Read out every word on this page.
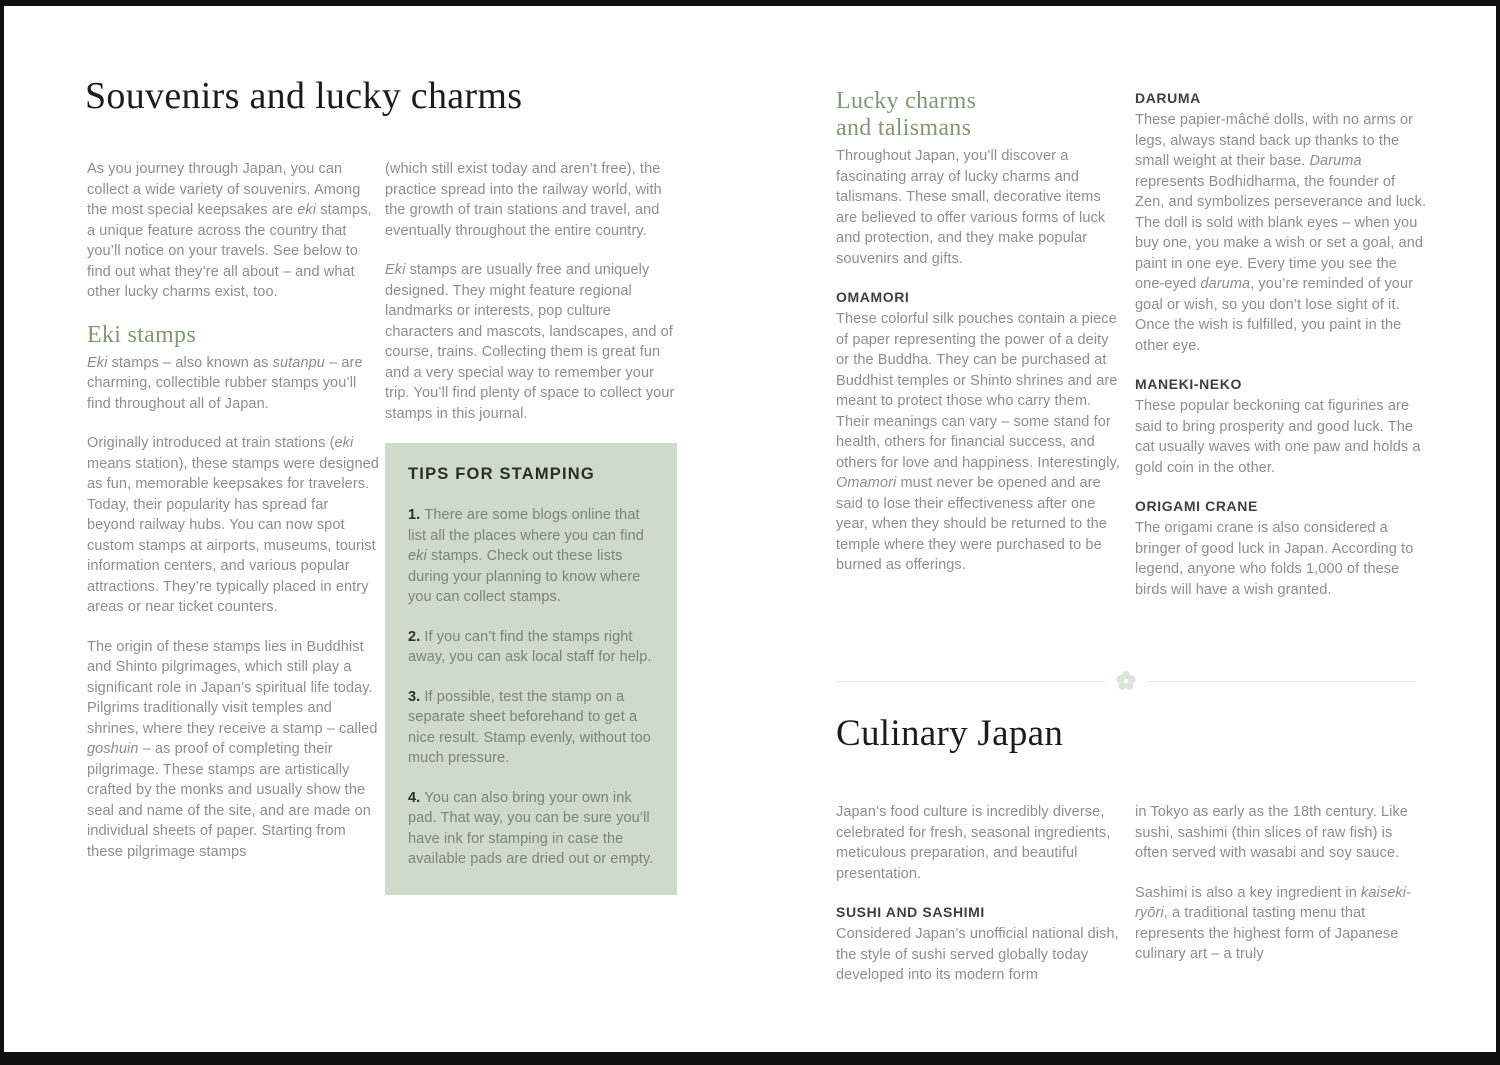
Souvenirs and lucky charms

As you journey through Japan, you can collect a wide variety of souvenirs. Among the most special keepsakes are eki stamps, a unique feature across the country that you’ll notice on your travels. See below to find out what they’re all about – and what other lucky charms exist, too.

Eki stamps

Eki stamps – also known as sutanpu – are charming, collectible rubber stamps you’ll find throughout all of Japan.

Originally introduced at train stations (eki means station), these stamps were designed as fun, memorable keepsakes for travelers. Today, their popularity has spread far beyond railway hubs. You can now spot custom stamps at airports, museums, tourist information centers, and various popular attractions. They’re typically placed in entry areas or near ticket counters.

The origin of these stamps lies in Buddhist and Shinto pilgrimages, which still play a significant role in Japan’s spiritual life today. Pilgrims traditionally visit temples and shrines, where they receive a stamp – called goshuin – as proof of completing their pilgrimage. These stamps are artistically crafted by the monks and usually show the seal and name of the site, and are made on individual sheets of paper. Starting from these pilgrimage stamps

(which still exist today and aren’t free), the practice spread into the railway world, with the growth of train stations and travel, and eventually throughout the entire country.

Eki stamps are usually free and uniquely designed. They might feature regional landmarks or interests, pop culture characters and mascots, landscapes, and of course, trains. Collecting them is great fun and a very special way to remember your trip. You’ll find plenty of space to collect your stamps in this journal.

TIPS FOR STAMPING

1. There are some blogs online that list all the places where you can find eki stamps. Check out these lists during your planning to know where you can collect stamps.

2. If you can’t find the stamps right away, you can ask local staff for help.

3. If possible, test the stamp on a separate sheet beforehand to get a nice result. Stamp evenly, without too much pressure.

4. You can also bring your own ink pad. That way, you can be sure you’ll have ink for stamping in case the available pads are dried out or empty.

Lucky charms
and talismans

Throughout Japan, you’ll discover a fascinating array of lucky charms and talismans. These small, decorative items are believed to offer various forms of luck and protection, and they make popular souvenirs and gifts.

OMAMORI

These colorful silk pouches contain a piece of paper representing the power of a deity or the Buddha. They can be purchased at Buddhist temples or Shinto shrines and are meant to protect those who carry them. Their meanings can vary – some stand for health, others for financial success, and others for love and happiness. Interestingly, Omamori must never be opened and are said to lose their effectiveness after one year, when they should be returned to the temple where they were purchased to be burned as offerings.

DARUMA

These papier-mâché dolls, with no arms or legs, always stand back up thanks to the small weight at their base. Daruma represents Bodhidharma, the founder of Zen, and symbolizes perseverance and luck. The doll is sold with blank eyes – when you buy one, you make a wish or set a goal, and paint in one eye. Every time you see the one-eyed daruma, you’re reminded of your goal or wish, so you don’t lose sight of it. Once the wish is fulfilled, you paint in the other eye.

MANEKI-NEKO

These popular beckoning cat figurines are said to bring prosperity and good luck. The cat usually waves with one paw and holds a gold coin in the other.

ORIGAMI CRANE

The origami crane is also considered a bringer of good luck in Japan. According to legend, anyone who folds 1,000 of these birds will have a wish granted.

Culinary Japan

Japan’s food culture is incredibly diverse, celebrated for fresh, seasonal ingredients, meticulous preparation, and beautiful presentation.

SUSHI AND SASHIMI

Considered Japan’s unofficial national dish, the style of sushi served globally today developed into its modern form

in Tokyo as early as the 18th century. Like sushi, sashimi (thin slices of raw fish) is often served with wasabi and soy sauce.

Sashimi is also a key ingredient in kaiseki-ryōri, a traditional tasting menu that represents the highest form of Japanese culinary art – a truly
